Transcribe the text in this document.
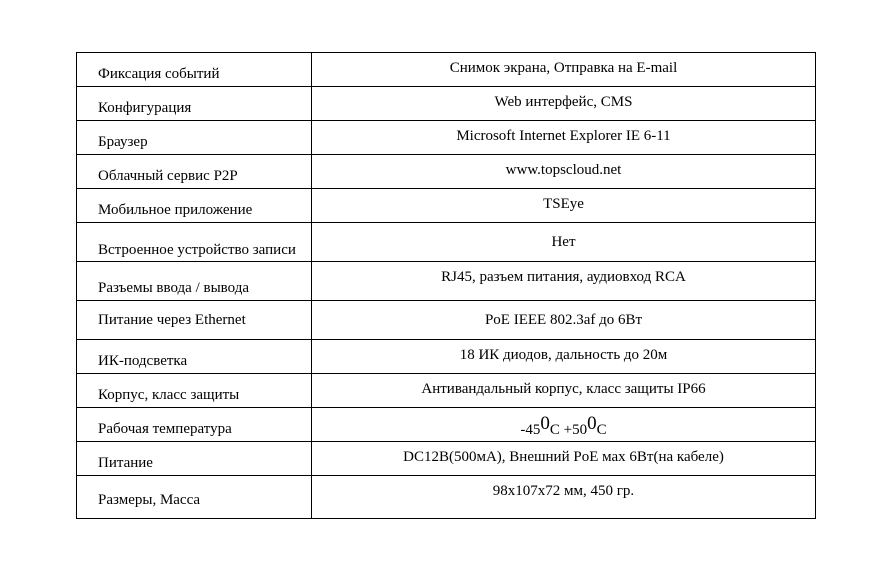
Фиксация событий	Снимок экрана, Отправка на E-mail
Конфигурация	Web интерфейс, CMS
Браузер	Microsoft Internet Explorer IE 6-11
Облачный сервис P2P	www.topscloud.net
Мобильное приложение	TSEye
Встроенное устройство записи	Нет
Разъемы ввода / вывода	RJ45, разъем питания, аудиовход RCA
Питание через Ethernet	PoE IEEE 802.3af до 6Вт
ИК-подсветка	18 ИК диодов, дальность до 20м
Корпус, класс защиты	Антивандальный корпус, класс защиты IP66
Рабочая температура	-450C +500C
Питание	DC12В(500мА), Внешний PoE мах 6Вт(на кабеле)
Размеры, Масса	98x107x72 мм, 450 гр.
